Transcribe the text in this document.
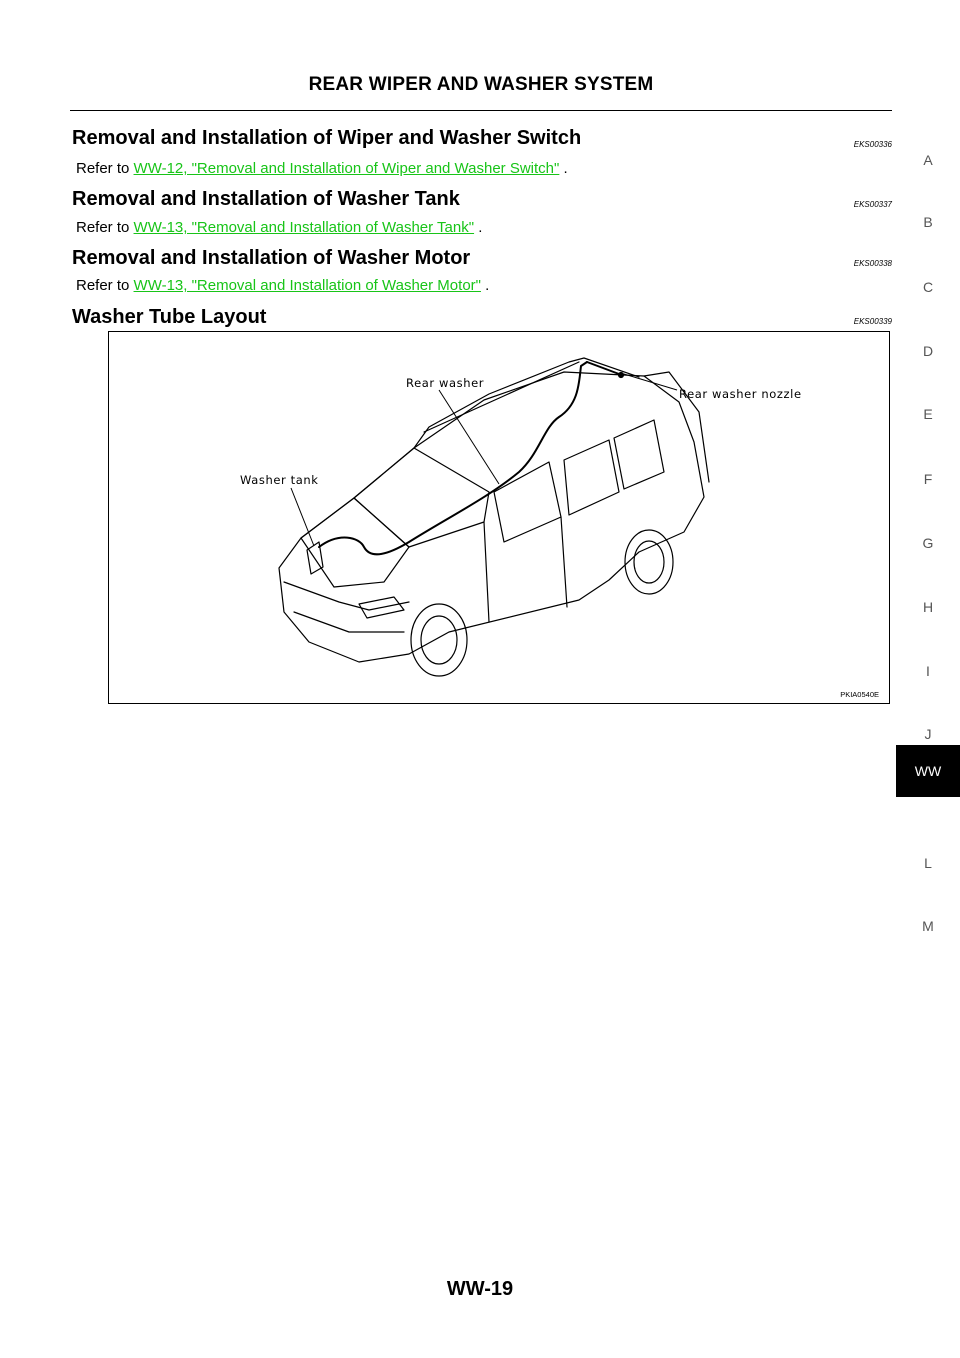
REAR WIPER AND WASHER SYSTEM
Removal and Installation of Wiper and Washer Switch	EKS00336
Refer to WW-12, "Removal and Installation of Wiper and Washer Switch" .
Removal and Installation of Washer Tank	EKS00337
Refer to WW-13, "Removal and Installation of Washer Tank" .
Removal and Installation of Washer Motor	EKS00338
Refer to WW-13, "Removal and Installation of Washer Motor" .
Washer Tube Layout	EKS00339
Rear washer
Rear washer nozzle
Washer tank
PKIA0540E
A
B
C
D
E
F
G
H
I
J
L
M
WW
WW-19
